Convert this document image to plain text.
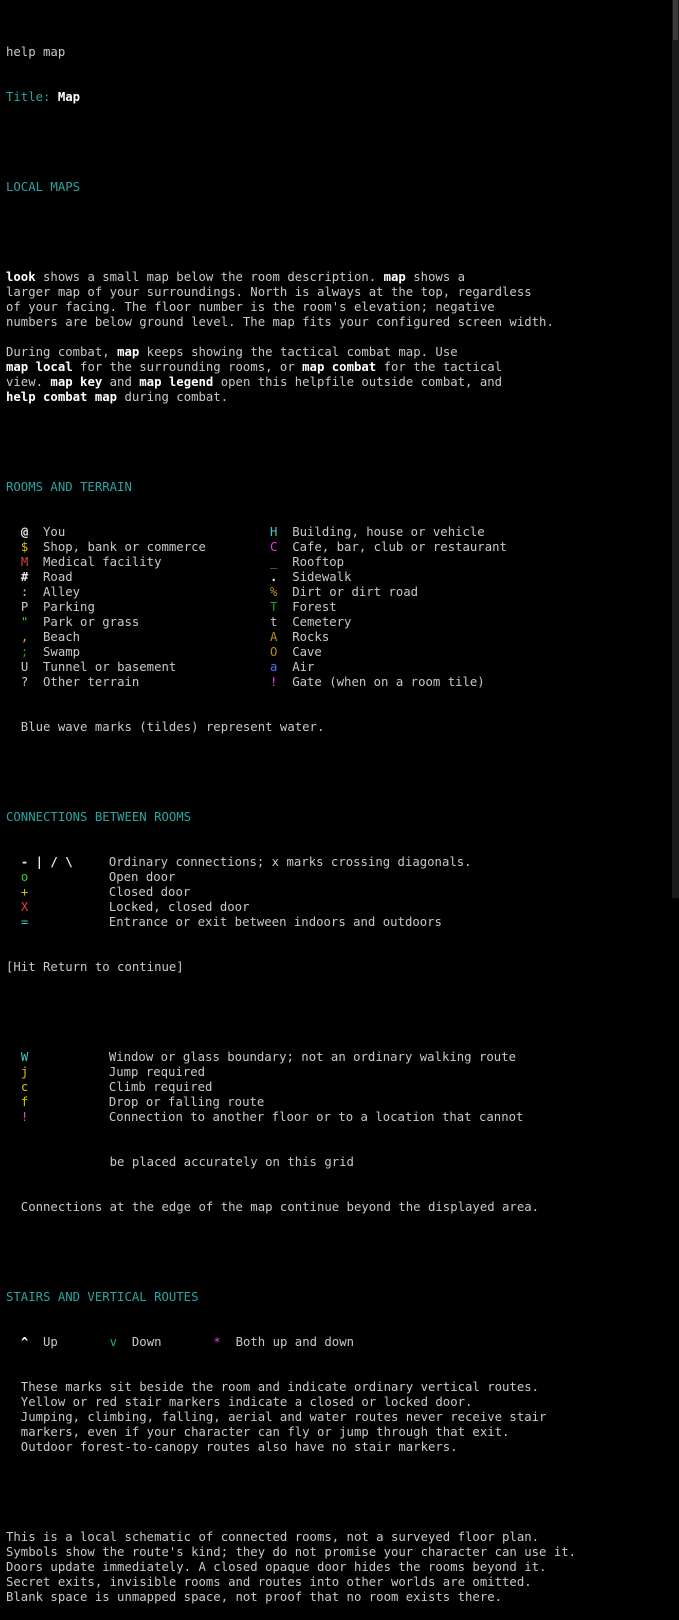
help map

Title: Map

LOCAL MAPS

look shows a small map below the room description. map shows a
larger map of your surroundings. North is always at the top, regardless
of your facing. The floor number is the room's elevation; negative
numbers are below ground level. The map fits your configured screen width.
During combat, map keeps showing the tactical combat map. Use
map local for the surrounding rooms, or map combat for the tactical
view. map key and map legend open this helpfile outside combat, and
help combat map during combat.

ROOMS AND TERRAIN

@ You	H Building, house or vehicle
$ Shop, bank or commerce	C Cafe, bar, club or restaurant
M Medical facility	_ Rooftop
# Road	. Sidewalk
: Alley	% Dirt or dirt road
P Parking	T Forest
" Park or grass	t Cemetery
, Beach	A Rocks
; Swamp	O Cave
U Tunnel or basement	a Air
? Other terrain	! Gate (when on a room tile)

Blue wave marks (tildes) represent water.

CONNECTIONS BETWEEN ROOMS

- | / \	Ordinary connections; x marks crossing diagonals.
o	Open door
+	Closed door
X	Locked, closed door
=	Entrance or exit between indoors and outdoors

[Hit Return to continue]

W	Window or glass boundary; not an ordinary walking route
j	Jump required
c	Climb required
f	Drop or falling route
!	Connection to another floor or to a location that cannot

be placed accurately on this grid

Connections at the edge of the map continue beyond the displayed area.

STAIRS AND VERTICAL ROUTES

^ Up	v Down	* Both up and down

These marks sit beside the room and indicate ordinary vertical routes.
Yellow or red stair markers indicate a closed or locked door.
Jumping, climbing, falling, aerial and water routes never receive stair
markers, even if your character can fly or jump through that exit.
Outdoor forest-to-canopy routes also have no stair markers.

This is a local schematic of connected rooms, not a surveyed floor plan.
Symbols show the route's kind; they do not promise your character can use it.
Doors update immediately. A closed opaque door hides the rooms beyond it.
Secret exits, invisible rooms and routes into other worlds are omitted.
Blank space is unmapped space, not proof that no room exists there.
